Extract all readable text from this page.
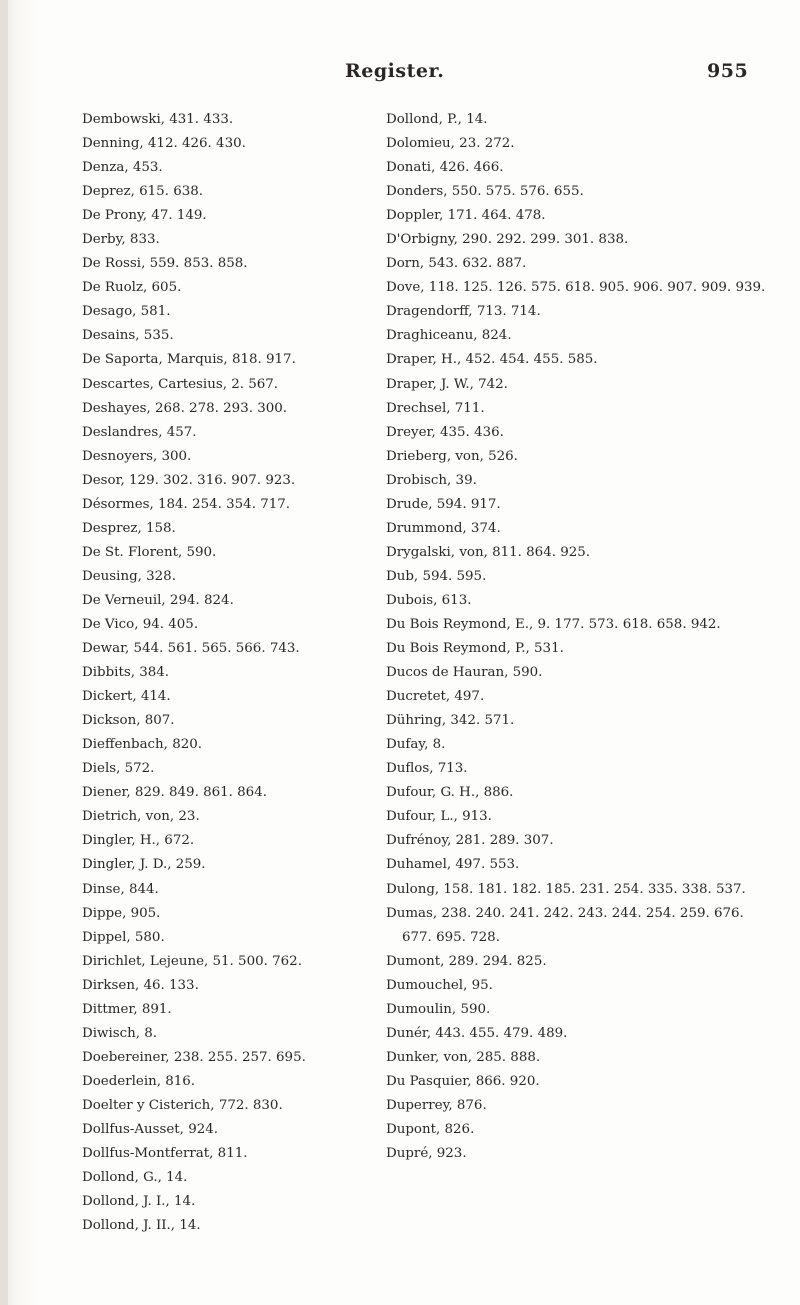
Register.	955
Dembowski, 431. 433.
Denning, 412. 426. 430.
Denza, 453.
Deprez, 615. 638.
De Prony, 47. 149.
Derby, 833.
De Rossi, 559. 853. 858.
De Ruolz, 605.
Desago, 581.
Desains, 535.
De Saporta, Marquis, 818. 917.
Descartes, Cartesius, 2. 567.
Deshayes, 268. 278. 293. 300.
Deslandres, 457.
Desnoyers, 300.
Desor, 129. 302. 316. 907. 923.
Désormes, 184. 254. 354. 717.
Desprez, 158.
De St. Florent, 590.
Deusing, 328.
De Verneuil, 294. 824.
De Vico, 94. 405.
Dewar, 544. 561. 565. 566. 743.
Dibbits, 384.
Dickert, 414.
Dickson, 807.
Dieffenbach, 820.
Diels, 572.
Diener, 829. 849. 861. 864.
Dietrich, von, 23.
Dingler, H., 672.
Dingler, J. D., 259.
Dinse, 844.
Dippe, 905.
Dippel, 580.
Dirichlet, Lejeune, 51. 500. 762.
Dirksen, 46. 133.
Dittmer, 891.
Diwisch, 8.
Doebereiner, 238. 255. 257. 695.
Doederlein, 816.
Doelter y Cisterich, 772. 830.
Dollfus-Ausset, 924.
Dollfus-Montferrat, 811.
Dollond, G., 14.
Dollond, J. I., 14.
Dollond, J. II., 14.
Dollond, P., 14.
Dolomieu, 23. 272.
Donati, 426. 466.
Donders, 550. 575. 576. 655.
Doppler, 171. 464. 478.
D'Orbigny, 290. 292. 299. 301. 838.
Dorn, 543. 632. 887.
Dove, 118. 125. 126. 575. 618. 905. 906. 907. 909. 939.
Dragendorff, 713. 714.
Draghiceanu, 824.
Draper, H., 452. 454. 455. 585.
Draper, J. W., 742.
Drechsel, 711.
Dreyer, 435. 436.
Drieberg, von, 526.
Drobisch, 39.
Drude, 594. 917.
Drummond, 374.
Drygalski, von, 811. 864. 925.
Dub, 594. 595.
Dubois, 613.
Du Bois Reymond, E., 9. 177. 573. 618. 658. 942.
Du Bois Reymond, P., 531.
Ducos de Hauran, 590.
Ducretet, 497.
Dühring, 342. 571.
Dufay, 8.
Duflos, 713.
Dufour, G. H., 886.
Dufour, L., 913.
Dufrénoy, 281. 289. 307.
Duhamel, 497. 553.
Dulong, 158. 181. 182. 185. 231. 254. 335. 338. 537.
Dumas, 238. 240. 241. 242. 243. 244. 254. 259. 676. 677. 695. 728.
Dumont, 289. 294. 825.
Dumouchel, 95.
Dumoulin, 590.
Dunér, 443. 455. 479. 489.
Dunker, von, 285. 888.
Du Pasquier, 866. 920.
Duperrey, 876.
Dupont, 826.
Dupré, 923.
